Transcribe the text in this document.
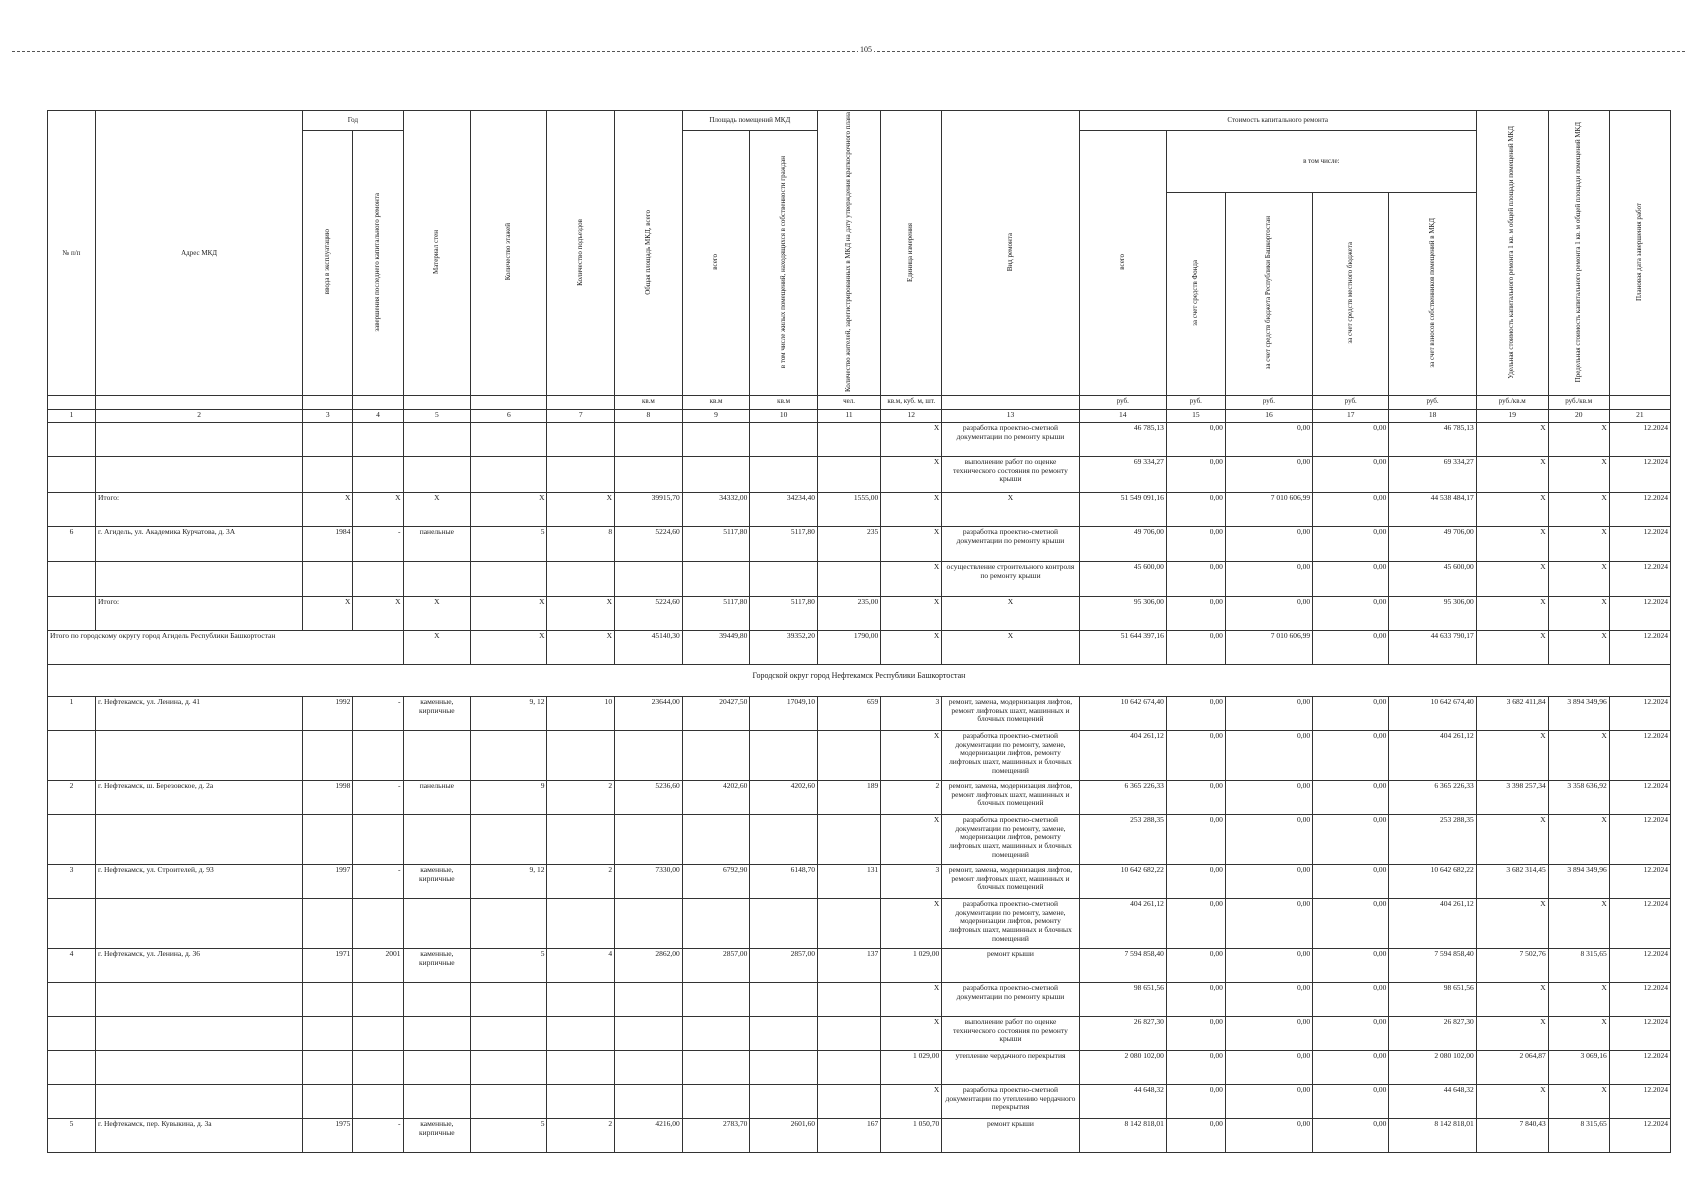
105
№ п/п	Адрес МКД	Год		Материал стен	Количество этажей	Количество подъездов	Общая площадь МКД, всего	Площадь помещений МКД		Количество жителей, зарегистрированных в МКД на дату утверждения краткосрочного плана	Единица измерения	Вид ремонта	Стоимость капитального ремонта					Удельная стоимость капитального ремонта 1 кв. м общей площади помещений МКД	Предельная стоимость капитального ремонта 1 кв. м общей площади помещений МКД	Плановая дата завершения работ
		ввода в эксплуатацию	завершения последнего капитального ремонта					всего	в том числе жилых помещений, находящихся в собственности граждан				всего	в том числе:						
														за счет средств Фонда	за счет средств бюджета Республики Башкортостан	за счет средств местного бюджета	за счет взносов собственников помещений в МКД			
							кв.м	кв.м	кв.м	чел.	кв.м, куб. м, шт.		руб.	руб.	руб.	руб.	руб.	руб./кв.м	руб./кв.м	
1	2	3	4	5	6	7	8	9	10	11	12	13	14	15	16	17	18	19	20	21
											X	разработка проектно-сметной документации по ремонту крыши	46 785,13	0,00	0,00	0,00	46 785,13	X	X	12.2024
											X	выполнение работ по оценке технического состояния по ремонту крыши	69 334,27	0,00	0,00	0,00	69 334,27	X	X	12.2024
	Итого:	X	X	X	X	X	39915,70	34332,00	34234,40	1555,00	X	X	51 549 091,16	0,00	7 010 606,99	0,00	44 538 484,17	X	X	12.2024
6	г. Агидель, ул. Академика Курчатова, д. 3А	1984	-	панельные	5	8	5224,60	5117,80	5117,80	235	X	разработка проектно-сметной документации по ремонту крыши	49 706,00	0,00	0,00	0,00	49 706,00	X	X	12.2024
											X	осуществление строительного контроля по ремонту крыши	45 600,00	0,00	0,00	0,00	45 600,00	X	X	12.2024
	Итого:	X	X	X	X	X	5224,60	5117,80	5117,80	235,00	X	X	95 306,00	0,00	0,00	0,00	95 306,00	X	X	12.2024
Итого по городскому округу город Агидель Республики Башкортостан				X	X	X	45140,30	39449,80	39352,20	1790,00	X	X	51 644 397,16	0,00	7 010 606,99	0,00	44 633 790,17	X	X	12.2024
Городской округ город Нефтекамск Республики Башкортостан																				
1	г. Нефтекамск, ул. Ленина, д. 41	1992	-	каменные, кирпичные	9, 12	10	23644,00	20427,50	17049,10	659	3	ремонт, замена, модернизация лифтов, ремонт лифтовых шахт, машинных и блочных помещений	10 642 674,40	0,00	0,00	0,00	10 642 674,40	3 682 411,84	3 894 349,96	12.2024
											X	разработка проектно-сметной документации по ремонту, замене, модернизации лифтов, ремонту лифтовых шахт, машинных и блочных помещений	404 261,12	0,00	0,00	0,00	404 261,12	X	X	12.2024
2	г. Нефтекамск, ш. Березовское, д. 2а	1998	-	панельные	9	2	5236,60	4202,60	4202,60	189	2	ремонт, замена, модернизация лифтов, ремонт лифтовых шахт, машинных и блочных помещений	6 365 226,33	0,00	0,00	0,00	6 365 226,33	3 398 257,34	3 358 636,92	12.2024
											X	разработка проектно-сметной документации по ремонту, замене, модернизации лифтов, ремонту лифтовых шахт, машинных и блочных помещений	253 288,35	0,00	0,00	0,00	253 288,35	X	X	12.2024
3	г. Нефтекамск, ул. Строителей, д. 93	1997	-	каменные, кирпичные	9, 12	2	7330,00	6792,90	6148,70	131	3	ремонт, замена, модернизация лифтов, ремонт лифтовых шахт, машинных и блочных помещений	10 642 682,22	0,00	0,00	0,00	10 642 682,22	3 682 314,45	3 894 349,96	12.2024
											X	разработка проектно-сметной документации по ремонту, замене, модернизации лифтов, ремонту лифтовых шахт, машинных и блочных помещений	404 261,12	0,00	0,00	0,00	404 261,12	X	X	12.2024
4	г. Нефтекамск, ул. Ленина, д. 36	1971	2001	каменные, кирпичные	5	4	2862,00	2857,00	2857,00	137	1 029,00	ремонт крыши	7 594 858,40	0,00	0,00	0,00	7 594 858,40	7 502,76	8 315,65	12.2024
											X	разработка проектно-сметной документации по ремонту крыши	98 651,56	0,00	0,00	0,00	98 651,56	X	X	12.2024
											X	выполнение работ по оценке технического состояния по ремонту крыши	26 827,30	0,00	0,00	0,00	26 827,30	X	X	12.2024
											1 029,00	утепление чердачного перекрытия	2 080 102,00	0,00	0,00	0,00	2 080 102,00	2 064,87	3 069,16	12.2024
											X	разработка проектно-сметной документации по утеплению чердачного перекрытия	44 648,32	0,00	0,00	0,00	44 648,32	X	X	12.2024
5	г. Нефтекамск, пер. Кувыкина, д. 3а	1975	-	каменные, кирпичные	5	2	4216,00	2783,70	2601,60	167	1 050,70	ремонт крыши	8 142 818,01	0,00	0,00	0,00	8 142 818,01	7 840,43	8 315,65	12.2024
